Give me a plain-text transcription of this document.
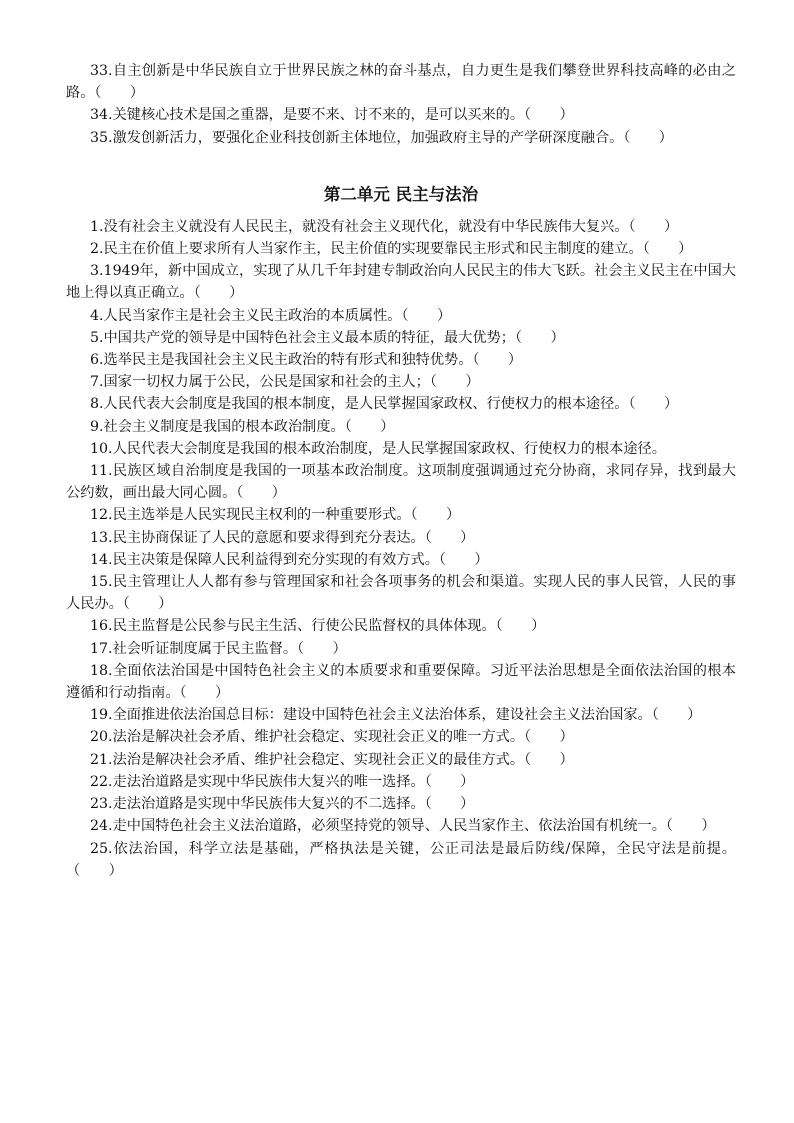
33.自主创新是中华民族自立于世界民族之林的奋斗基点，自力更生是我们攀登世界科技高峰的必由之路。（　　）

34.关键核心技术是国之重器，是要不来、讨不来的，是可以买来的。（　　）

35.激发创新活力，要强化企业科技创新主体地位，加强政府主导的产学研深度融合。（　　）

第二单元 民主与法治

1.没有社会主义就没有人民民主，就没有社会主义现代化，就没有中华民族伟大复兴。（　　）

2.民主在价值上要求所有人当家作主，民主价值的实现要靠民主形式和民主制度的建立。（　　）

3.1949年，新中国成立，实现了从几千年封建专制政治向人民民主的伟大飞跃。社会主义民主在中国大地上得以真正确立。（　　）

4.人民当家作主是社会主义民主政治的本质属性。（　　）

5.中国共产党的领导是中国特色社会主义最本质的特征，最大优势；（　　）

6.选举民主是我国社会主义民主政治的特有形式和独特优势。（　　）

7.国家一切权力属于公民，公民是国家和社会的主人；（　　）

8.人民代表大会制度是我国的根本制度，是人民掌握国家政权、行使权力的根本途径。（　　）

9.社会主义制度是我国的根本政治制度。（　　）

10.人民代表大会制度是我国的根本政治制度，是人民掌握国家政权、行使权力的根本途径。

11.民族区域自治制度是我国的一项基本政治制度。这项制度强调通过充分协商，求同存异，找到最大公约数，画出最大同心圆。（　　）

12.民主选举是人民实现民主权利的一种重要形式。（　　）

13.民主协商保证了人民的意愿和要求得到充分表达。（　　）

14.民主决策是保障人民利益得到充分实现的有效方式。（　　）

15.民主管理让人人都有参与管理国家和社会各项事务的机会和渠道。实现人民的事人民管，人民的事人民办。（　　）

16.民主监督是公民参与民主生活、行使公民监督权的具体体现。（　　）

17.社会听证制度属于民主监督。（　　）

18.全面依法治国是中国特色社会主义的本质要求和重要保障。习近平法治思想是全面依法治国的根本遵循和行动指南。（　　）

19.全面推进依法治国总目标：建设中国特色社会主义法治体系，建设社会主义法治国家。（　　）

20.法治是解决社会矛盾、维护社会稳定、实现社会正义的唯一方式。（　　）

21.法治是解决社会矛盾、维护社会稳定、实现社会正义的最佳方式。（　　）

22.走法治道路是实现中华民族伟大复兴的唯一选择。（　　）

23.走法治道路是实现中华民族伟大复兴的不二选择。（　　）

24.走中国特色社会主义法治道路，必须坚持党的领导、人民当家作主、依法治国有机统一。（　　）

25.依法治国，科学立法是基础，严格执法是关键，公正司法是最后防线/保障，全民守法是前提。（　　）
